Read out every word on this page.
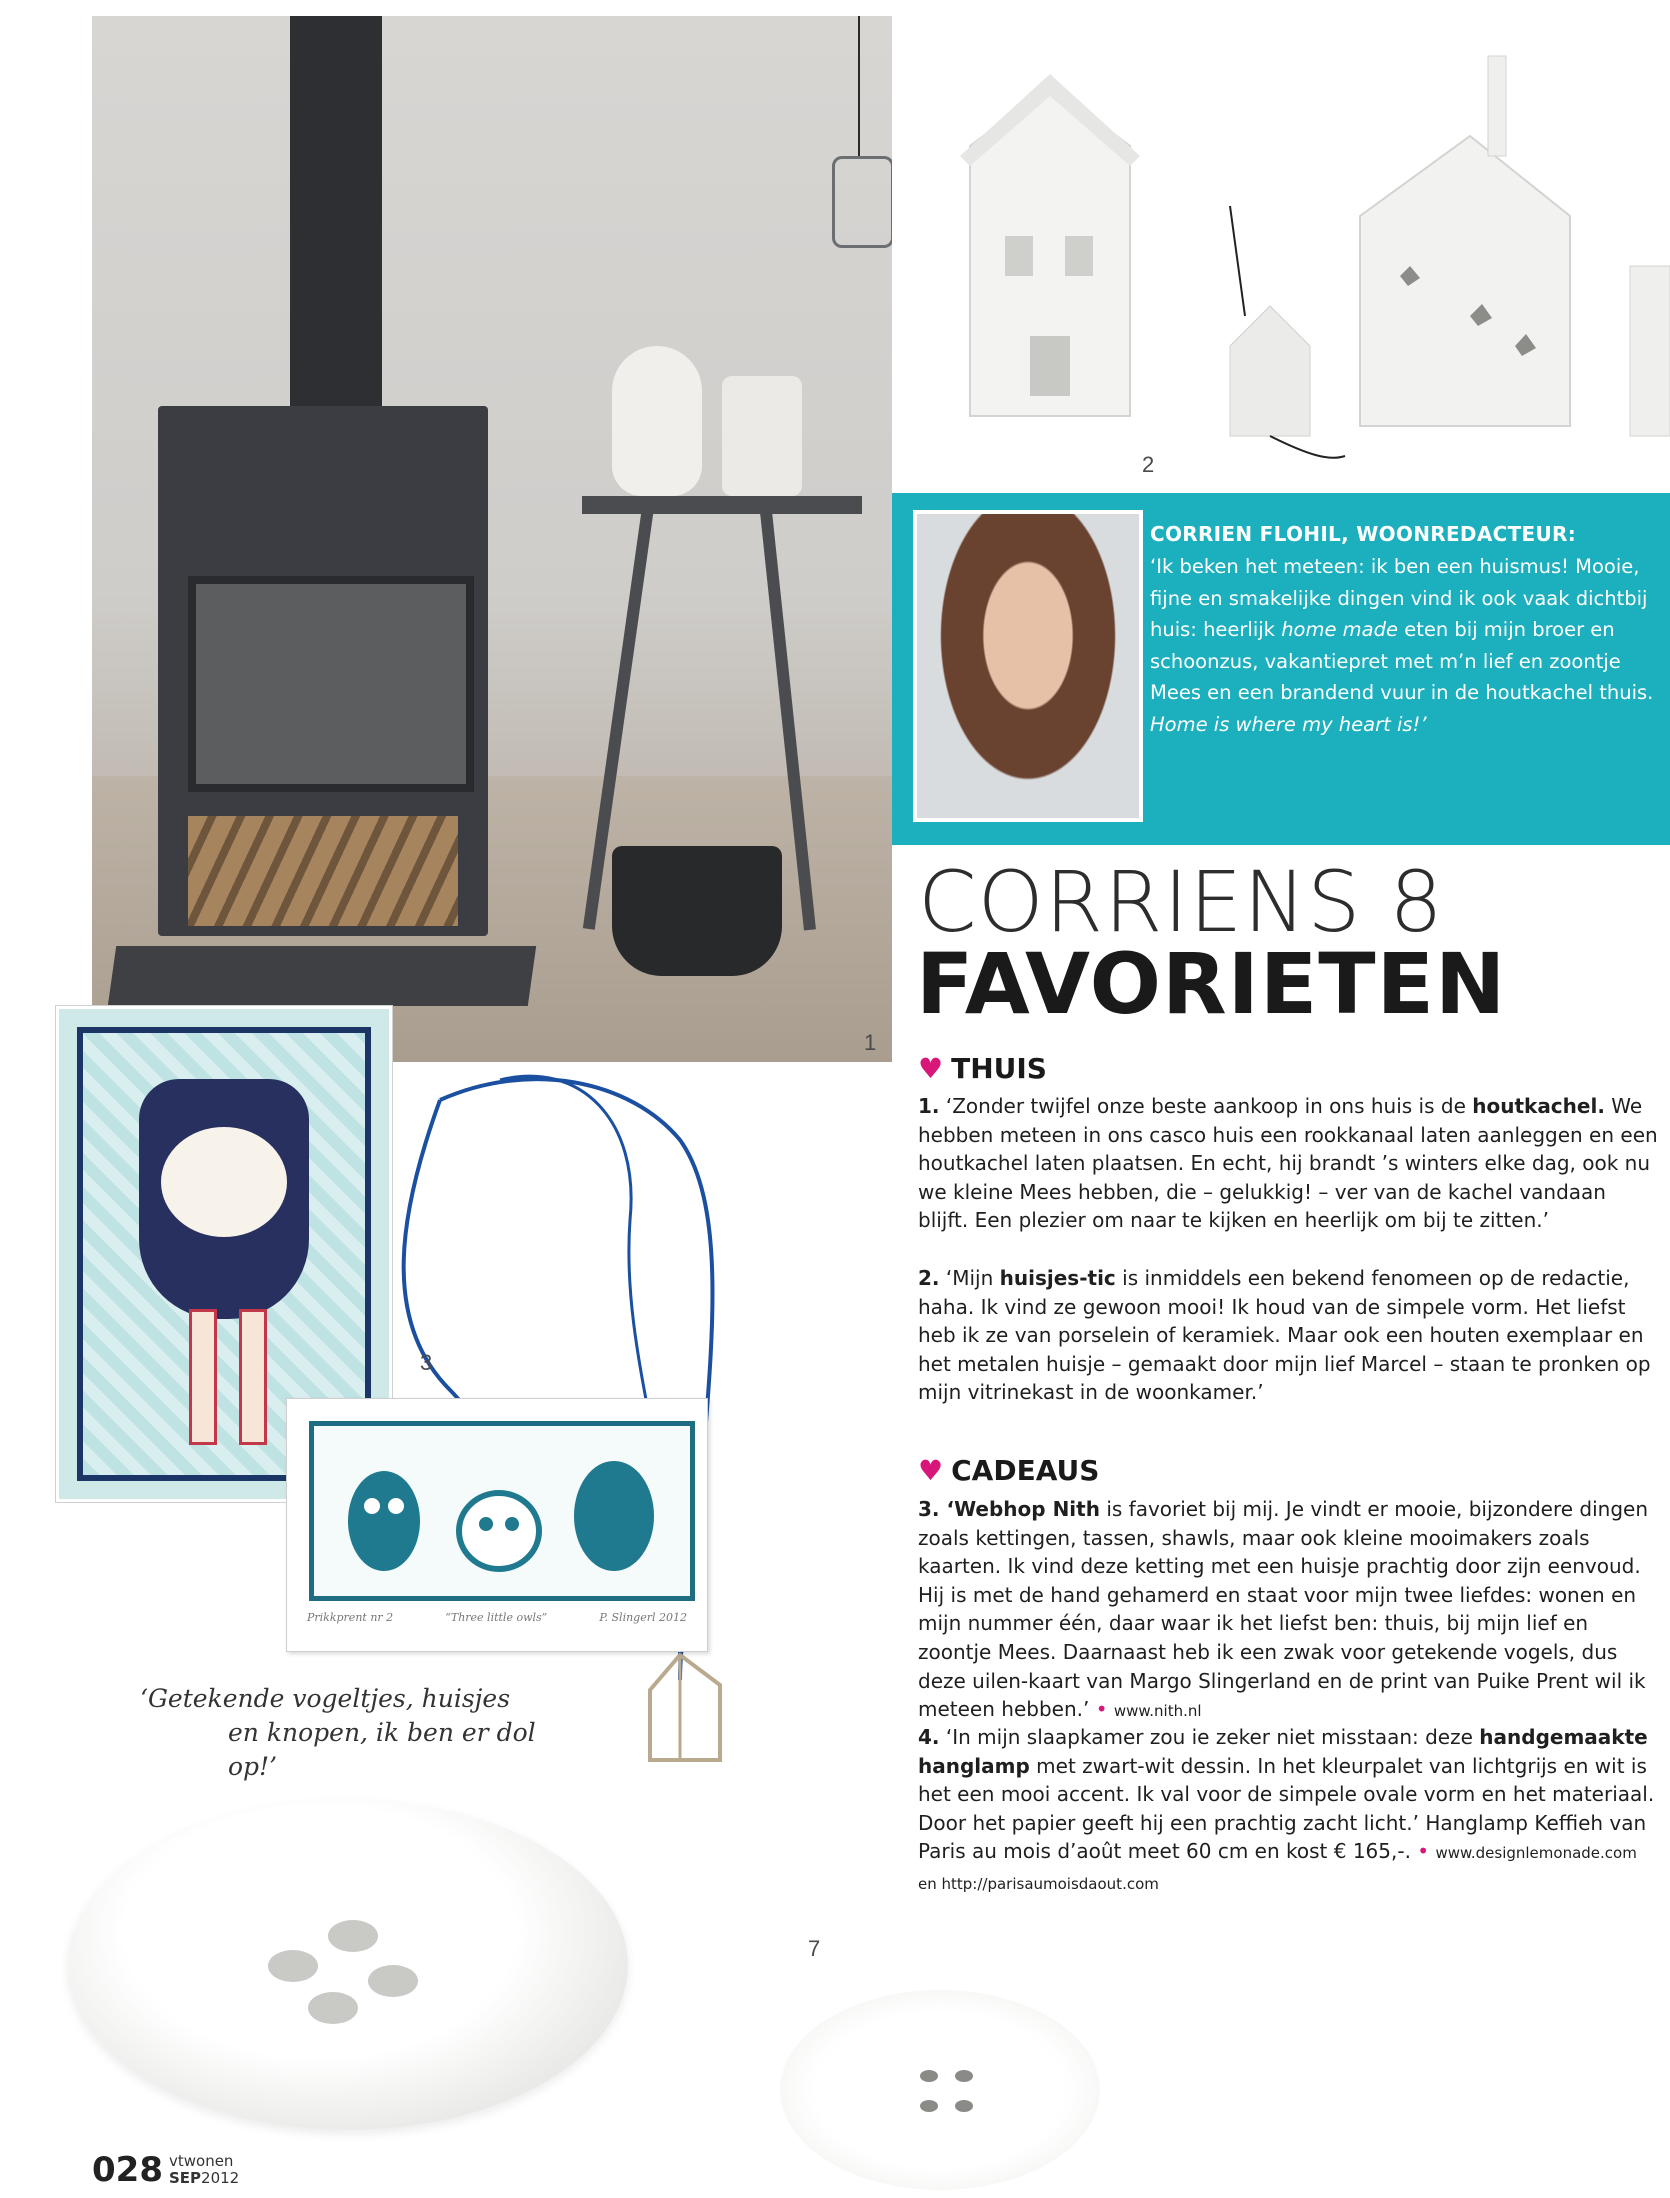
1
2
CORRIEN FLOHIL, WOONREDACTEUR:
‘Ik beken het meteen: ik ben een huismus! Mooie, fijne en smakelijke dingen vind ik ook vaak dichtbij huis: heerlijk home made eten bij mijn broer en schoonzus, vakantiepret met m’n lief en zoontje Mees en een brandend vuur in de houtkachel thuis. Home is where my heart is!’
CORRIENS 8
FAVORIETEN
♥ THUIS
1. ‘Zonder twijfel onze beste aankoop in ons huis is de houtkachel. We hebben meteen in ons casco huis een rookkanaal laten aanleggen en een houtkachel laten plaatsen. En echt, hij brandt ’s winters elke dag, ook nu we kleine Mees hebben, die – gelukkig! – ver van de kachel vandaan blijft. Een plezier om naar te kijken en heerlijk om bij te zitten.’
2. ‘Mijn huisjes-tic is inmiddels een bekend fenomeen op de redactie, haha. Ik vind ze gewoon mooi! Ik houd van de simpele vorm. Het liefst heb ik ze van porselein of keramiek. Maar ook een houten exemplaar en het metalen huisje – gemaakt door mijn lief Marcel – staan te pronken op mijn vitrinekast in de woonkamer.’
♥ CADEAUS
3. ‘Webhop Nith is favoriet bij mij. Je vindt er mooie, bijzondere dingen zoals kettingen, tassen, shawls, maar ook kleine mooimakers zoals kaarten. Ik vind deze ketting met een huisje prachtig door zijn eenvoud. Hij is met de hand gehamerd en staat voor mijn twee liefdes: wonen en mijn nummer één, daar waar ik het liefst ben: thuis, bij mijn lief en zoontje Mees. Daarnaast heb ik een zwak voor getekende vogels, dus deze uilen-kaart van Margo Slingerland en de print van Puike Prent wil ik meteen hebben.’ • www.nith.nl
4. ‘In mijn slaapkamer zou ie zeker niet misstaan: deze handgemaakte hanglamp met zwart-wit dessin. In het kleurpalet van lichtgrijs en wit is het een mooi accent. Ik val voor de simpele ovale vorm en het materiaal. Door het papier geeft hij een prachtig zacht licht.’ Hanglamp Keffieh van Paris au mois d’août meet 60 cm en kost € 165,-. • www.designlemonade.com
en http://parisaumoisdaout.com
3
Prikkprent nr 2	“Three little owls”	P. Slingerl 2012
‘Getekende vogeltjes, huisjes
en knopen, ik ben er dol op!’
7
028 vtwonen
SEP2012
